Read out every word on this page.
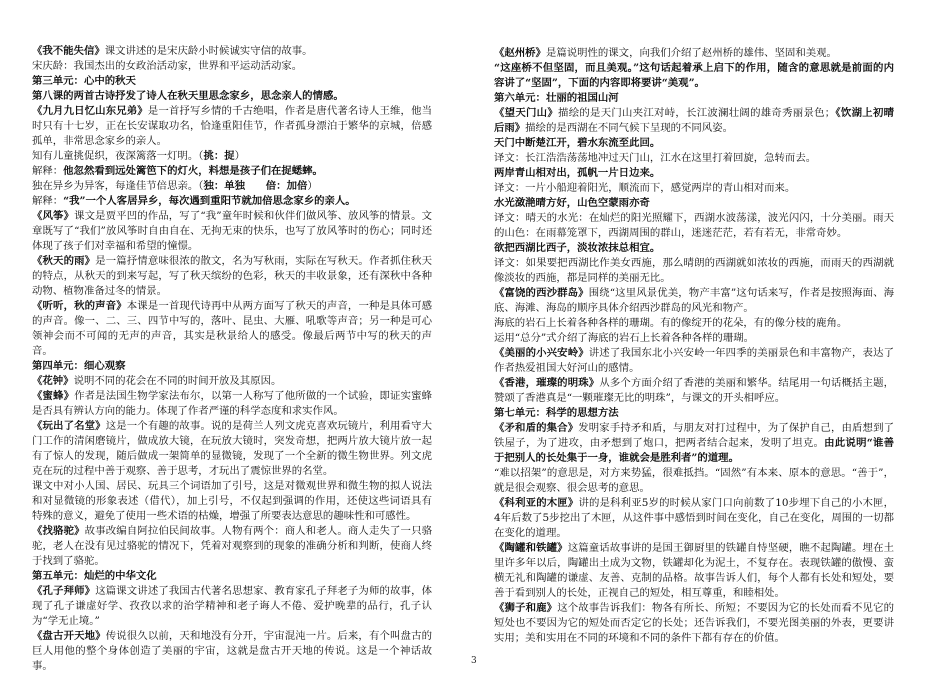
《我不能失信》课文讲述的是宋庆龄小时候诚实守信的故事。

宋庆龄：我国杰出的女政治活动家，世界和平运动活动家。

第三单元：心中的秋天

第八课的两首古诗抒发了诗人在秋天里思念家乡，思念亲人的情感。

《九月九日忆山东兄弟》是一首抒写乡情的千古绝唱，作者是唐代著名诗人王维，他当时只有十七岁，正在长安谋取功名，恰逢重阳佳节，作者孤身漂泊于繁华的京城，倍感孤单，非常思念家乡的亲人。

知有儿童挑促织，夜深篱落一灯明。（挑：捉）

解释：他忽然看到远处篱笆下的灯火，料想是孩子们在捉蟋蟀。

独在异乡为异客，每逢佳节倍思亲。（独：单独　　倍：加倍）

解释：“我”一个人客居异乡，每次遇到重阳节就加倍思念家乡的亲人。

《风筝》课文是贾平凹的作品，写了“我”童年时候和伙伴们做风筝、放风筝的情景。文章既写了“我们”放风筝时自由自在、无拘无束的快乐，也写了放风筝时的伤心；同时还体现了孩子们对幸福和希望的憧憬。

《秋天的雨》是一篇抒情意味很浓的散文，名为写秋雨，实际在写秋天。作者抓住秋天的特点，从秋天的到来写起，写了秋天缤纷的色彩，秋天的丰收景象，还有深秋中各种动物、植物准备过冬的情景。

《听听，秋的声音》本课是一首现代诗再中从两方面写了秋天的声音，一种是具体可感的声音。像一、二、三、四节中写的，落叶、昆虫、大雁、吼歌等声音；另一种是可心领神会而不可闻的无声的声音，其实是秋景给人的感受。像最后两节中写的秋天的声音。

第四单元：细心观察

《花钟》说明不同的花会在不同的时间开放及其原因。

《蜜蜂》作者是法国生物学家法布尔，以第一人称写了他所做的一个试验，即证实蜜蜂是否具有辨认方向的能力。体现了作者严谨的科学态度和求实作风。

《玩出了名堂》这是一个有趣的故事。说的是荷兰人列文虎克喜欢玩镜片，利用看守大门工作的清闲磨镜片，做成放大镜，在玩放大镜时，突发奇想，把两片放大镜片放一起有了惊人的发现，随后做成一架简单的显微镜，发现了一个全新的微生物世界。列文虎克在玩的过程中善于观察、善于思考，才玩出了震惊世界的名堂。

课文中对小人国、居民、玩具三个词语加了引号，这是对微观世界和微生物的拟人说法和对显微镜的形象表述（借代），加上引号，不仅起到强调的作用，还使这些词语具有特殊的意义，避免了使用一些术语的枯燥，增强了所要表达意思的趣味性和可感性。

《找骆驼》故事改编自阿拉伯民间故事。人物有两个：商人和老人。商人走失了一只骆驼，老人在没有见过骆驼的情况下，凭着对观察到的现象的准确分析和判断，使商人终于找到了骆驼。

第五单元：灿烂的中华文化

《孔子拜师》这篇课文讲述了我国古代著名思想家、教育家孔子拜老子为师的故事，体现了孔子谦虚好学、孜孜以求的治学精神和老子诲人不倦、爱护晚辈的品行，孔子认为“学无止境。”

《盘古开天地》传说很久以前，天和地没有分开，宇宙混沌一片。后来，有个叫盘古的巨人用他的整个身体创造了美丽的宇宙，这就是盘古开天地的传说。这是一个神话故事。

《赵州桥》是篇说明性的课文，向我们介绍了赵州桥的雄伟、坚固和美观。

“这座桥不但坚固，而且美观。”这句话起着承上启下的作用，随含的意思就是前面的内容讲了“坚固”，下面的内容即将要讲“美观”。

第六单元：壮丽的祖国山河

《望天门山》描绘的是天门山夹江对峙，长江波澜壮阔的雄奇秀丽景色；《饮湖上初晴后雨》描绘的是西湖在不同气候下呈现的不同风姿。

天门中断楚江开，碧水东流至此回。

译文：长江浩浩荡荡地冲过天门山，江水在这里打着回旋，急转而去。

两岸青山相对出，孤帆一片日边来。

译文：一片小船迎着阳光，顺流而下，感觉两岸的青山相对而来。

水光潋滟晴方好，山色空蒙雨亦奇

译文：晴天的水光：在灿烂的阳光照耀下，西湖水波荡漾，波光闪闪，十分美丽。雨天的山色：在雨幕笼罩下，西湖周围的群山，迷迷茫茫，若有若无，非常奇妙。

欲把西湖比西子，淡妆浓抹总相宜。

译文：如果要把西湖比作美女西施，那么晴朗的西湖就如浓妆的西施，而雨天的西湖就像淡妆的西施，都是同样的美丽无比。

《富饶的西沙群岛》围绕“这里风景优美，物产丰富”这句话来写，作者是按照海面、海底、海滩、海岛的顺序具体介绍西沙群岛的风光和物产。

海底的岩石上长着各种各样的珊瑚。有的像绽开的花朵，有的像分枝的鹿角。

运用“总分”式介绍了海底的岩石上长着各种各样的珊瑚。

《美丽的小兴安岭》讲述了我国东北小兴安岭一年四季的美丽景色和丰富物产，表达了作者热爱祖国大好河山的感情。

《香港，璀璨的明珠》从多个方面介绍了香港的美丽和繁华。结尾用一句话概括主题，赞颂了香港真是“一颗璀璨无比的明珠”，与课文的开头相呼应。

第七单元：科学的思想方法

《矛和盾的集合》发明家手持矛和盾，与朋友对打过程中，为了保护自己，由盾想到了铁屋子，为了进攻，由矛想到了炮口，把两者结合起来，发明了坦克。由此说明“谁善于把别人的长处集于一身，谁就会是胜利者”的道理。

“难以招架”的意思是，对方来势猛，很难抵挡。“固然”有本来、原本的意思。“善于”，就是很会观察、很会思考的意思。

《科利亚的木匣》讲的是科利亚5岁的时候从家门口向前数了10步埋下自己的小木匣，4年后数了5步挖出了木匣，从这件事中感悟到时间在变化，自己在变化，周围的一切都在变化的道理。

《陶罐和铁罐》这篇童话故事讲的是国王御厨里的铁罐自恃坚硬，瞧不起陶罐。埋在土里许多年以后，陶罐出土成为文物，铁罐却化为泥土，不复存在。表现铁罐的傲慢、蛮横无礼和陶罐的谦虚、友善、克制的品格。故事告诉人们，每个人都有长处和短处，要善于看到别人的长处，正视自己的短处，相互尊重，和睦相处。

《狮子和鹿》这个故事告诉我们：物各有所长、所短；不要因为它的长处而看不见它的短处也不要因为它的短处而否定它的长处；还告诉我们，不要光图美丽的外表，更要讲实用；美和实用在不同的环境和不同的条件下都有存在的价值。

3
